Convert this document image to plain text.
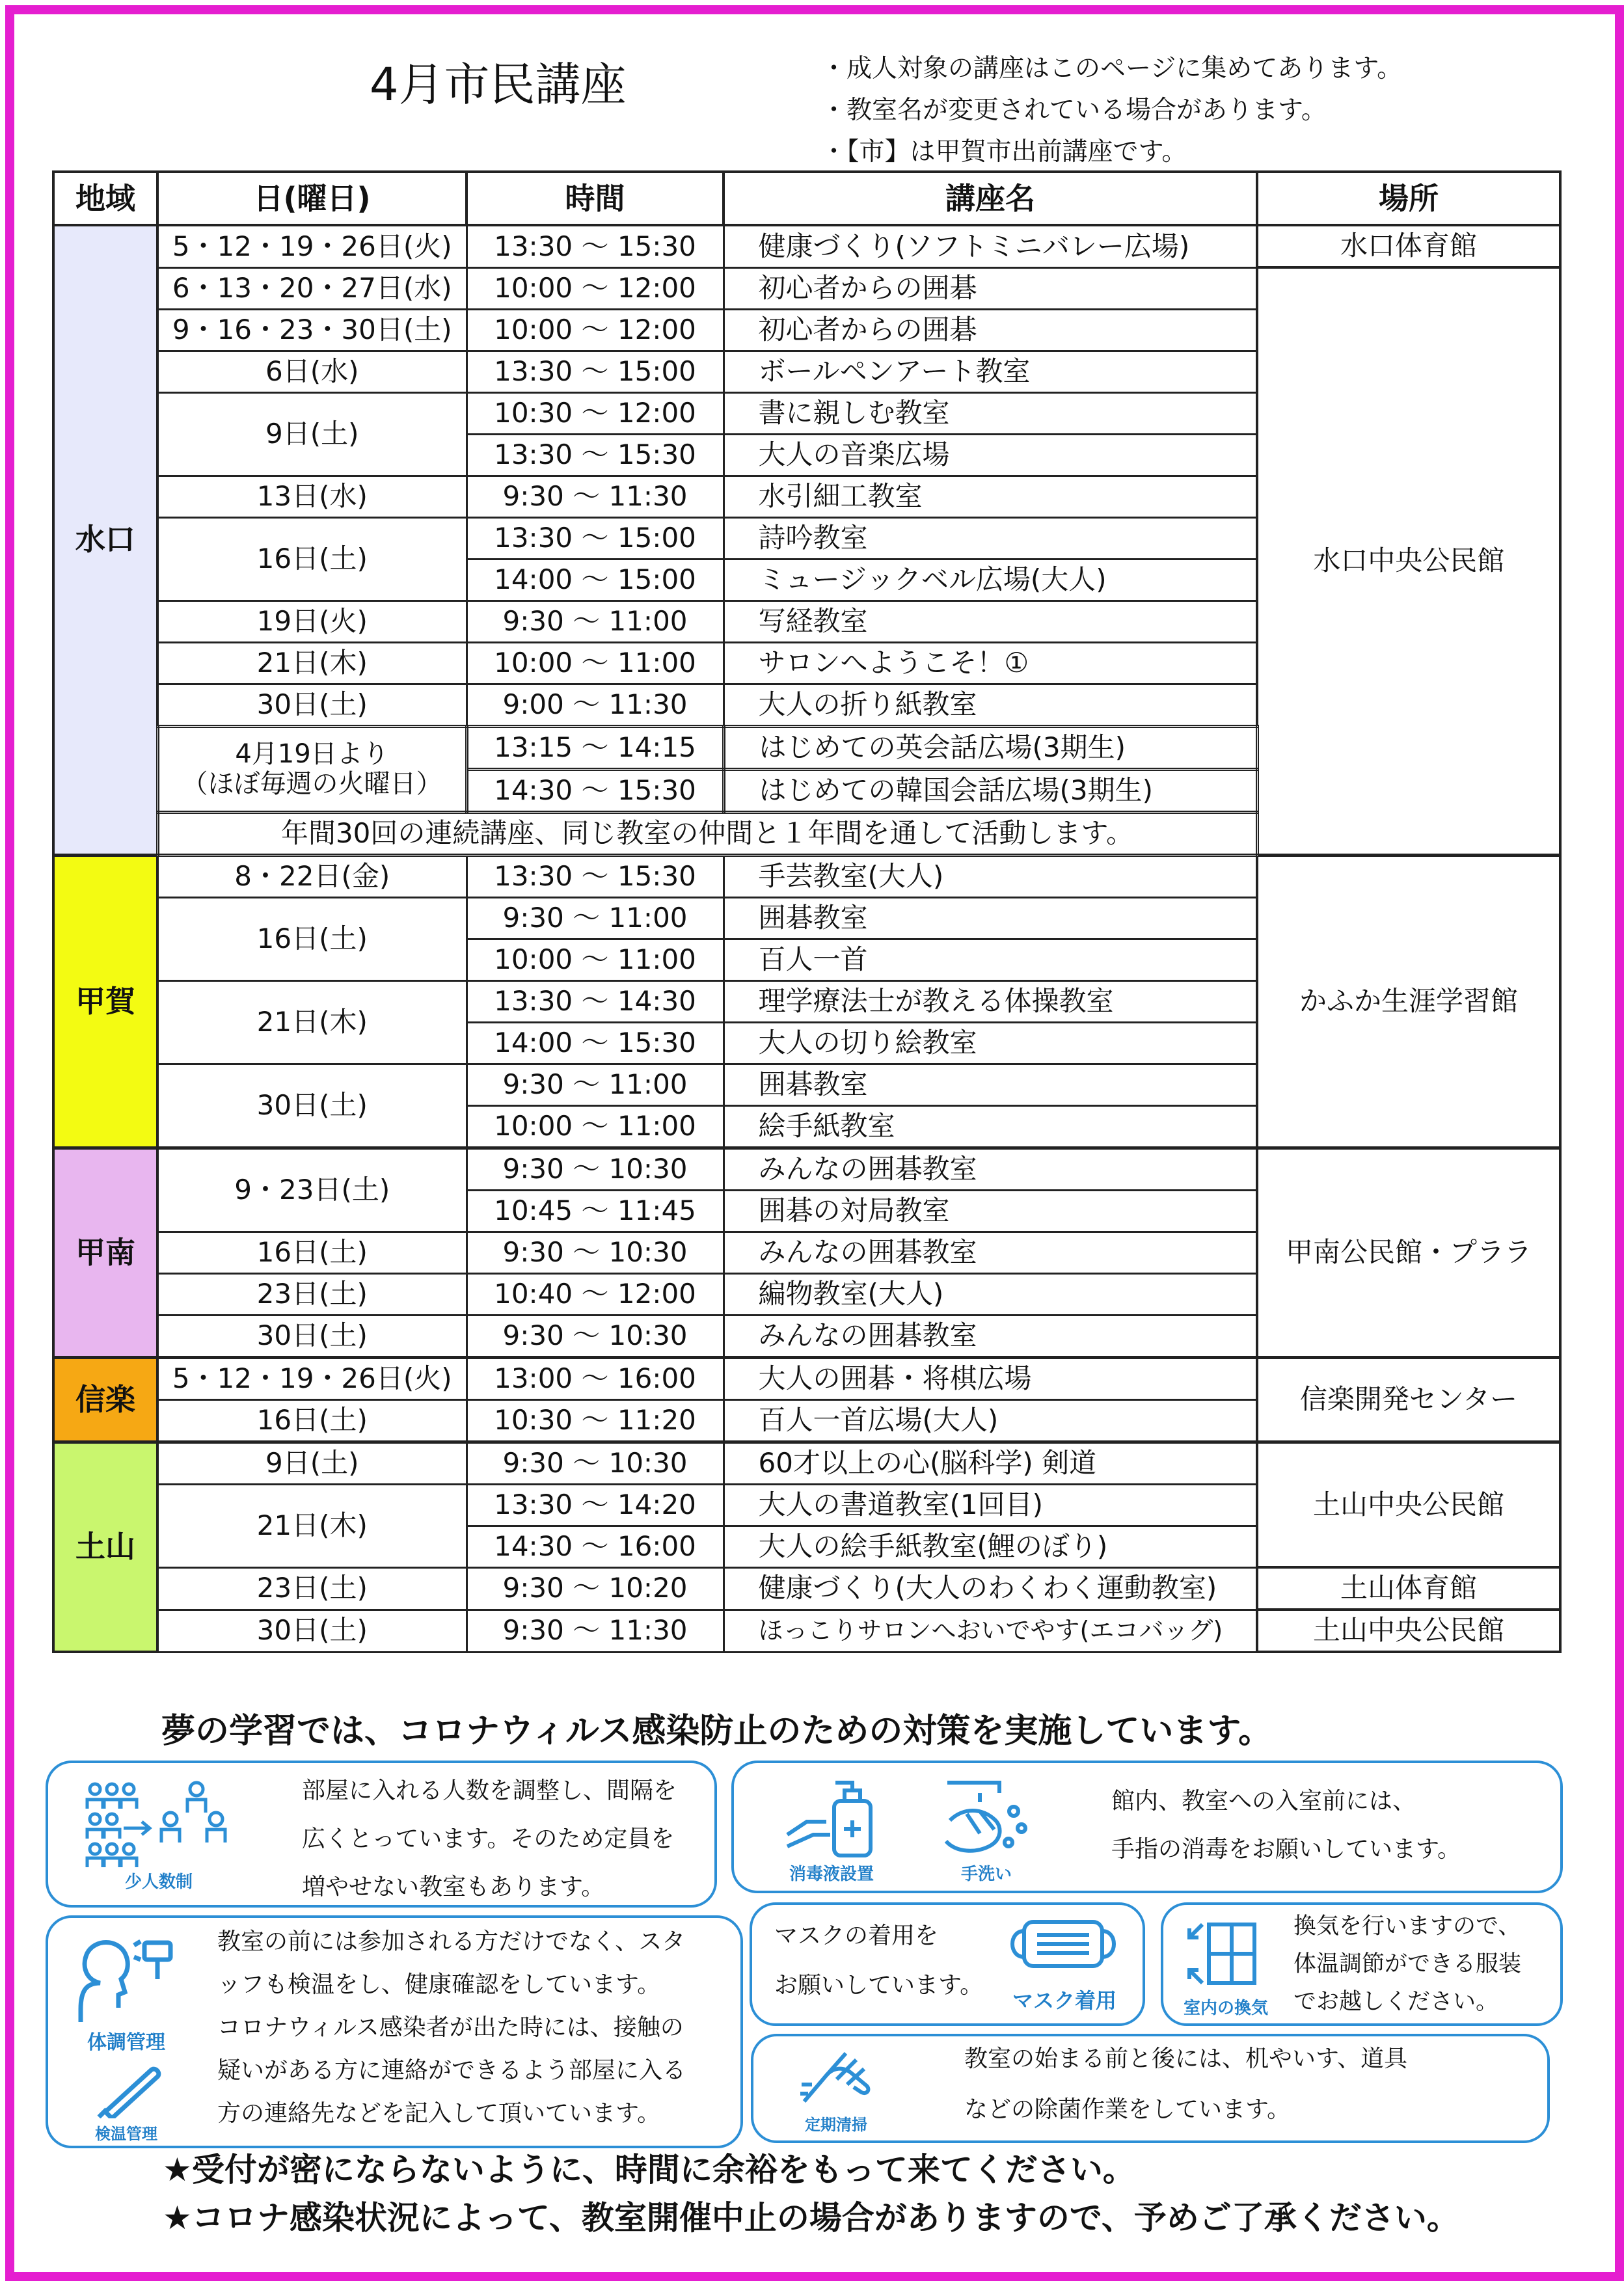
4月市民講座	・成人対象の講座はこのページに集めてあります。
・教室名が変更されている場合があります。
・【市】は甲賀市出前講座です。
地域	日(曜日)	時間	講座名	場所
水口	5・12・19・26日(火)	13:30 ～ 15:30	健康づくり(ソフトミニバレー広場)	水口体育館
	6・13・20・27日(水)	10:00 ～ 12:00	初心者からの囲碁	水口中央公民館
	9・16・23・30日(土)	10:00 ～ 12:00	初心者からの囲碁	
	6日(水)	13:30 ～ 15:00	ボールペンアート教室	
	9日(土)	10:30 ～ 12:00	書に親しむ教室	
		13:30 ～ 15:30	大人の音楽広場	
	13日(水)	9:30 ～ 11:30	水引細工教室	
	16日(土)	13:30 ～ 15:00	詩吟教室	
		14:00 ～ 15:00	ミュージックベル広場(大人)	
	19日(火)	9:30 ～ 11:00	写経教室	
	21日(木)	10:00 ～ 11:00	サロンへようこそ！①	
	30日(土)	9:00 ～ 11:30	大人の折り紙教室	

	4月19日より
（ほぼ毎週の火曜日）	13:15 ～ 14:15	はじめての英会話広場(3期生)	
		14:30 ～ 15:30	はじめての韓国会話広場(3期生)	
	年間30回の連続講座、同じ教室の仲間と１年間を通して活動します。			
甲賀	8・22日(金)	13:30 ～ 15:30	手芸教室(大人)	かふか生涯学習館
	16日(土)	9:30 ～ 11:00	囲碁教室	
		10:00 ～ 11:00	百人一首	
	21日(木)	13:30 ～ 14:30	理学療法士が教える体操教室	
		14:00 ～ 15:30	大人の切り絵教室	
	30日(土)	9:30 ～ 11:00	囲碁教室	
		10:00 ～ 11:00	絵手紙教室	
甲南	9・23日(土)	9:30 ～ 10:30	みんなの囲碁教室	甲南公民館・プララ
		10:45 ～ 11:45	囲碁の対局教室	
	16日(土)	9:30 ～ 10:30	みんなの囲碁教室	
	23日(土)	10:40 ～ 12:00	編物教室(大人)	
	30日(土)	9:30 ～ 10:30	みんなの囲碁教室	
信楽	5・12・19・26日(火)	13:00 ～ 16:00	大人の囲碁・将棋広場	信楽開発センター
	16日(土)	10:30 ～ 11:20	百人一首広場(大人)	
土山	9日(土)	9:30 ～ 10:30	60才以上の心(脳科学) 剣道	土山中央公民館
	21日(木)	13:30 ～ 14:20	大人の書道教室(1回目)	
		14:30 ～ 16:00	大人の絵手紙教室(鯉のぼり)	
	23日(土)	9:30 ～ 10:20	健康づくり(大人のわくわく運動教室)	土山体育館
	30日(土)	9:30 ～ 11:30	ほっこりサロンへおいでやす(エコバッグ)	土山中央公民館
夢の学習では、コロナウィルス感染防止のための対策を実施しています。
少人数制
部屋に入れる人数を調整し、間隔を
広くとっています。そのため定員を
増やせない教室もあります。	消毒液設置	手洗い
館内、教室への入室前には、
手指の消毒をお願いしています。
体調管理
検温管理
教室の前には参加される方だけでなく、スタ
ッフも検温をし、健康確認をしています。
コロナウィルス感染者が出た時には、接触の
疑いがある方に連絡ができるよう部屋に入る
方の連絡先などを記入して頂いています。
マスクの着用を
お願いしています。
マスク着用	室内の換気
換気を行いますので、
体温調節ができる服装
でお越しください。
定期清掃
教室の始まる前と後には、机やいす、道具
などの除菌作業をしています。
★受付が密にならないように、時間に余裕をもって来てください。
★コロナ感染状況によって、教室開催中止の場合がありますので、予めご了承ください。
